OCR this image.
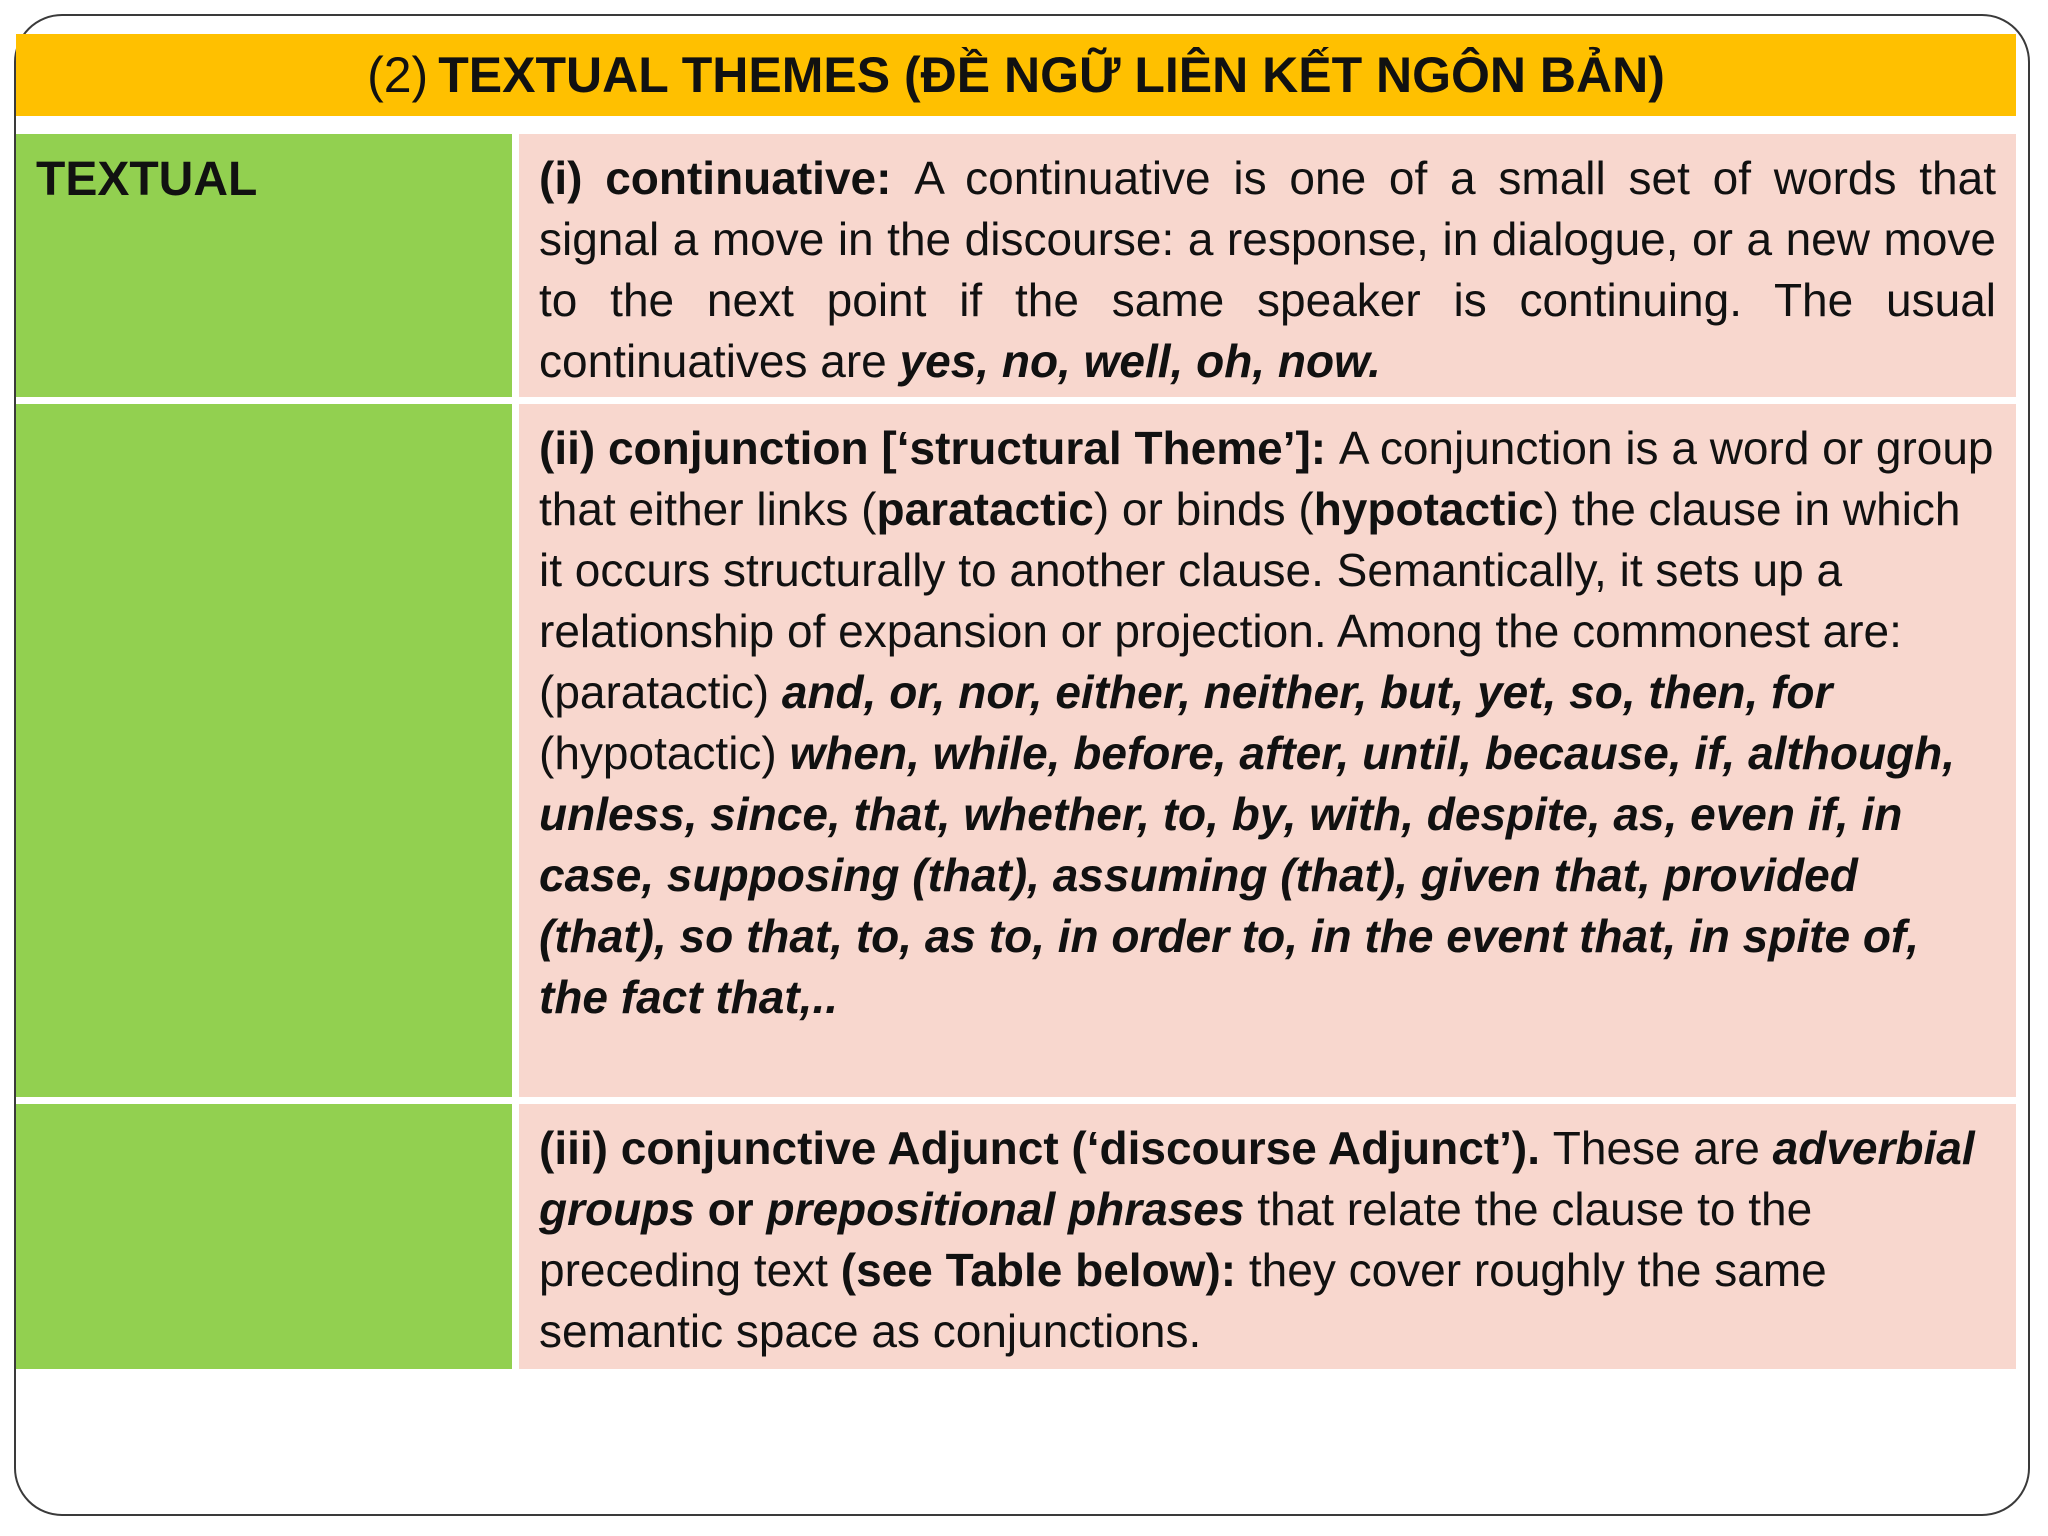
(2) TEXTUAL THEMES (ĐỀ NGỮ LIÊN KẾT NGÔN BẢN)
TEXTUAL	(i) continuative: A continuative is one of a small set of words that signal a move in the discourse: a response, in dialogue, or a new move to the next point if the same speaker is continuing. The usual continuatives are yes, no, well, oh, now.
(ii) conjunction [‘structural Theme’]: A conjunction is a word or group that either links (paratactic) or binds (hypotactic) the clause in which it occurs structurally to another clause. Semantically, it sets up a relationship of expansion or projection. Among the commonest are:(paratactic) and, or, nor, either, neither, but, yet, so, then, for (hypotactic) when, while, before, after, until, because, if, although, unless, since, that, whether, to, by, with, despite, as, even if, in case, supposing (that), assuming (that), given that, provided (that), so that, to, as to, in order to, in the event that, in spite of, the fact that,..
(iii) conjunctive Adjunct (‘discourse Adjunct’). These are adverbial groups or prepositional phrases that relate the clause to the preceding text (see Table below): they cover roughly the same semantic space as conjunctions.
